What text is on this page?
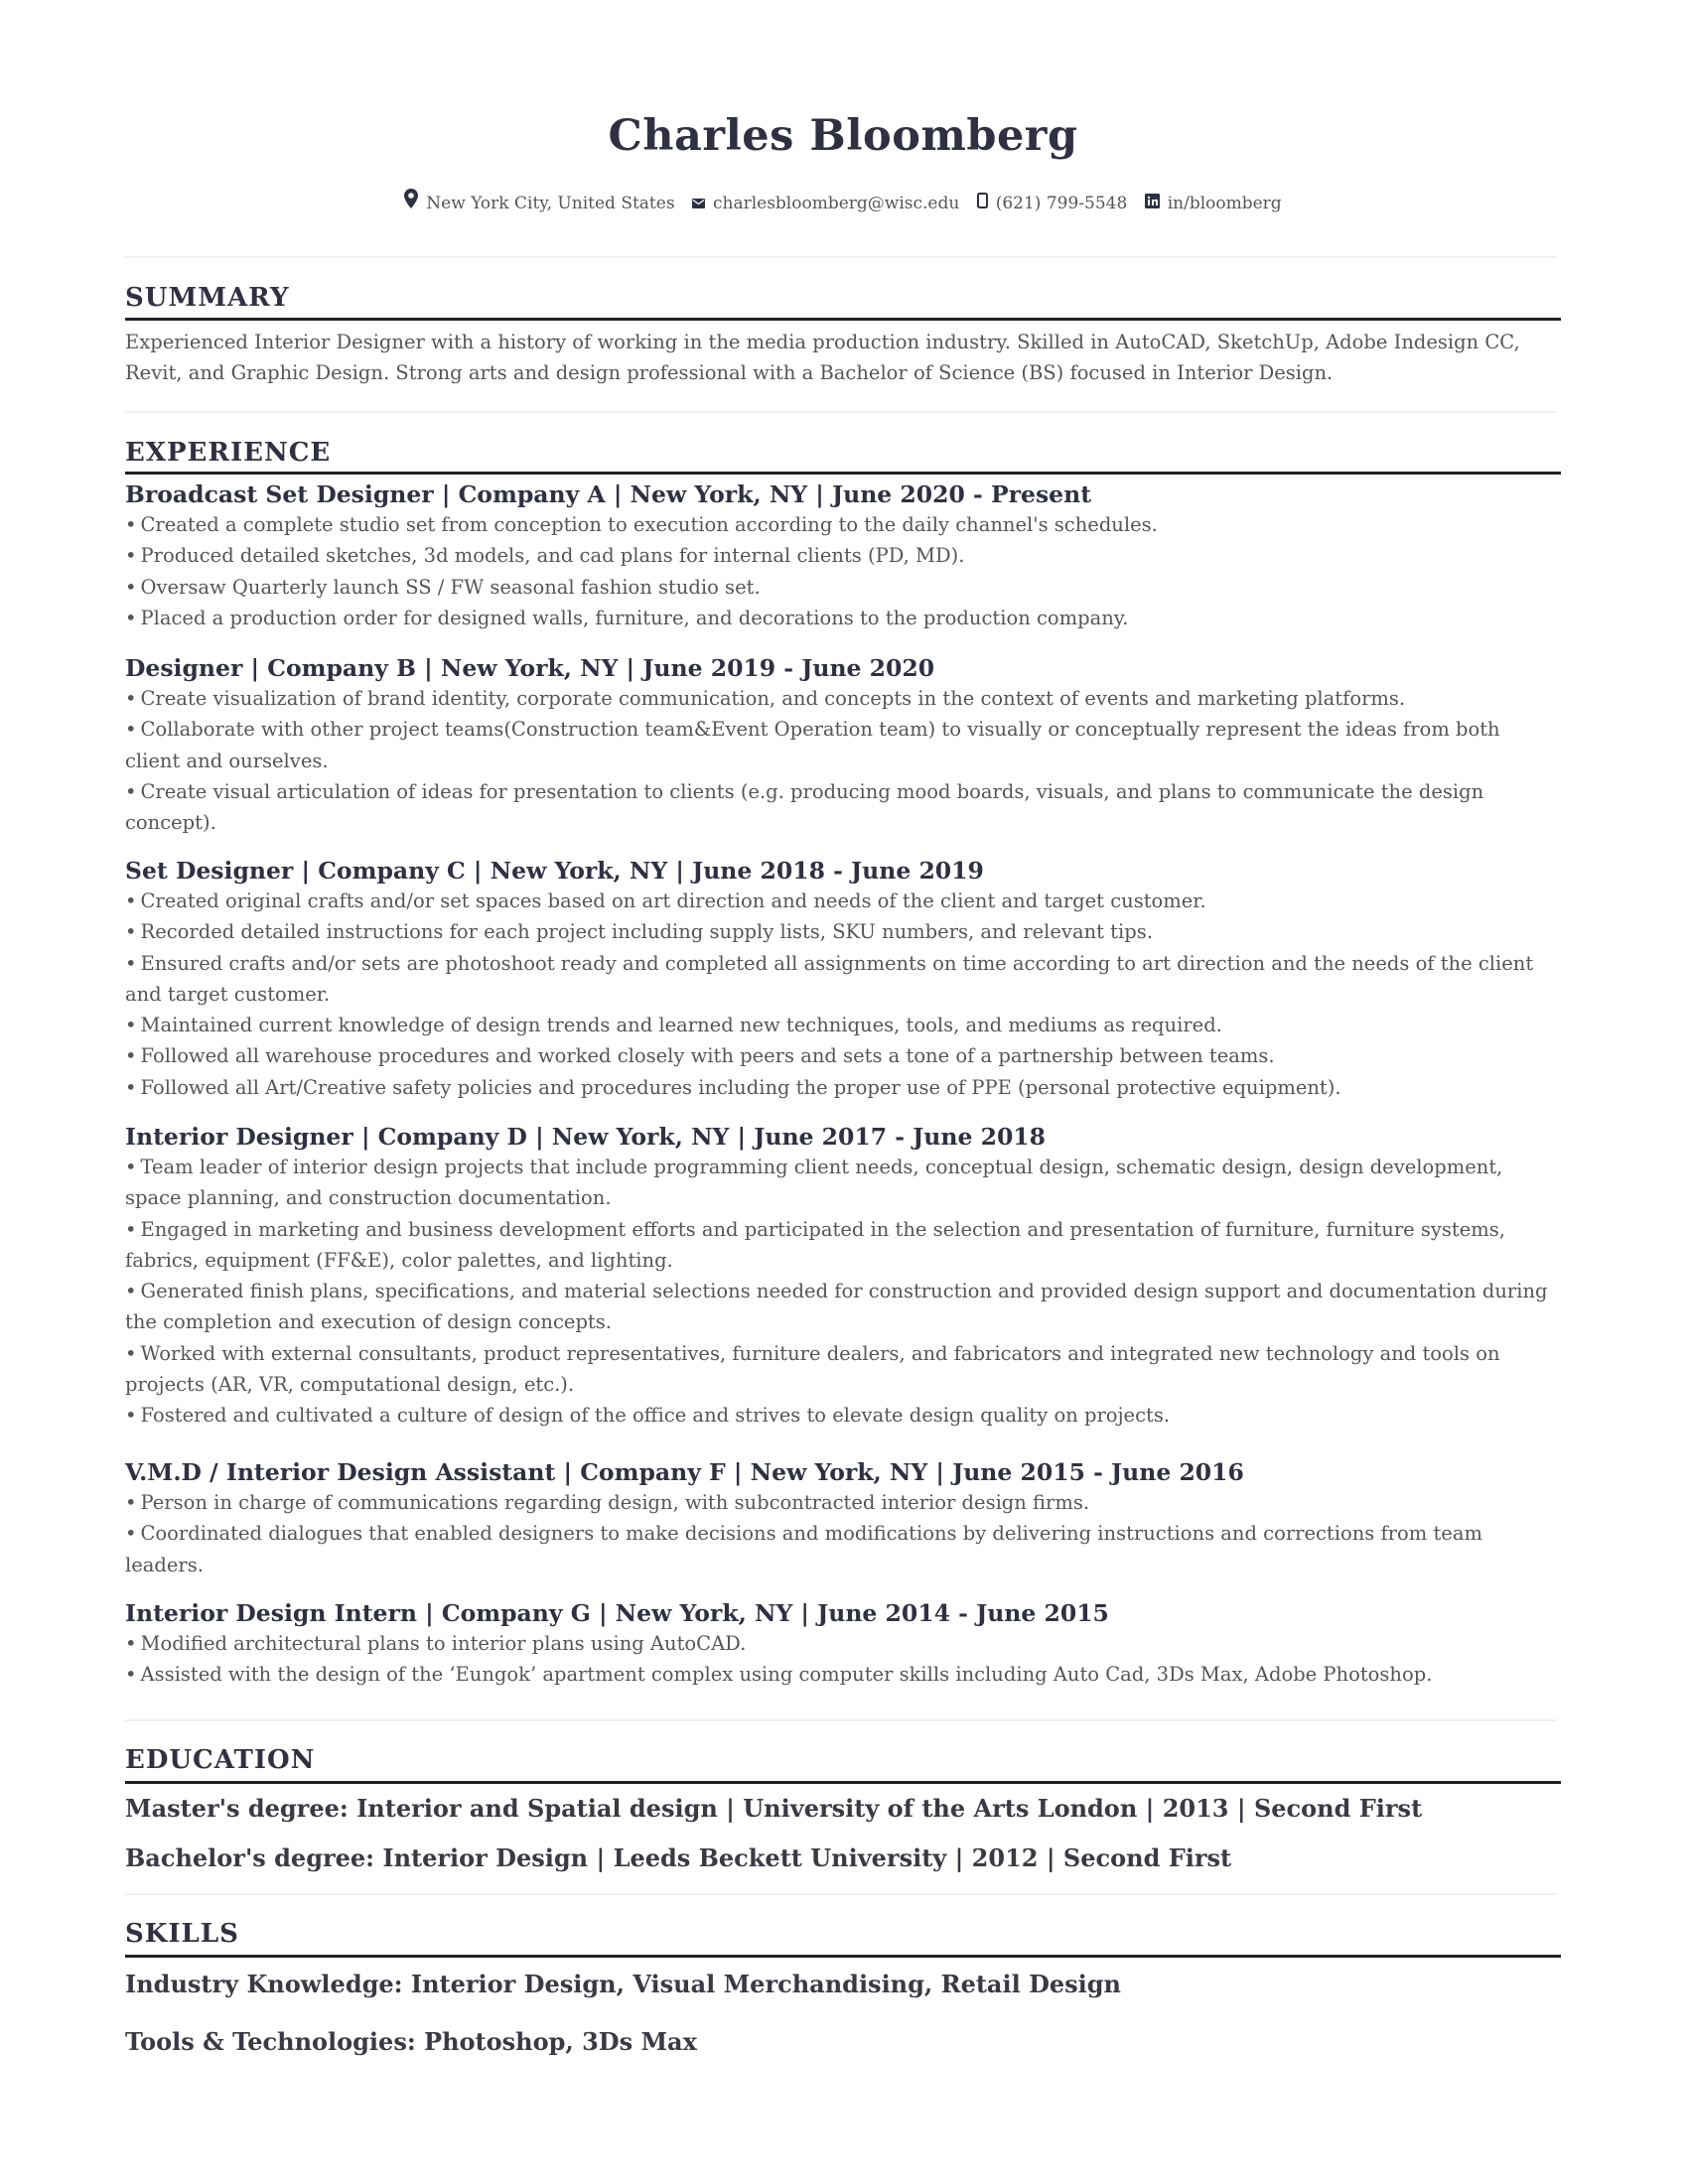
Charles Bloomberg
New York City, United States
charlesbloomberg@wisc.edu
(621) 799-5548
in/bloomberg
SUMMARY
Experienced Interior Designer with a history of working in the media production industry. Skilled in AutoCAD, SketchUp, Adobe Indesign CC, Revit, and Graphic Design. Strong arts and design professional with a Bachelor of Science (BS) focused in Interior Design.
EXPERIENCE
Broadcast Set Designer | Company A | New York, NY | June 2020 - Present
• Created a complete studio set from conception to execution according to the daily channel's schedules.
• Produced detailed sketches, 3d models, and cad plans for internal clients (PD, MD).
• Oversaw Quarterly launch SS / FW seasonal fashion studio set.
• Placed a production order for designed walls, furniture, and decorations to the production company.
Designer | Company B | New York, NY | June 2019 - June 2020
• Create visualization of brand identity, corporate communication, and concepts in the context of events and marketing platforms.
• Collaborate with other project teams(Construction team&Event Operation team) to visually or conceptually represent the ideas from both client and ourselves.
• Create visual articulation of ideas for presentation to clients (e.g. producing mood boards, visuals, and plans to communicate the design concept).
Set Designer | Company C | New York, NY | June 2018 - June 2019
• Created original crafts and/or set spaces based on art direction and needs of the client and target customer.
• Recorded detailed instructions for each project including supply lists, SKU numbers, and relevant tips.
• Ensured crafts and/or sets are photoshoot ready and completed all assignments on time according to art direction and the needs of the client and target customer.
• Maintained current knowledge of design trends and learned new techniques, tools, and mediums as required.
• Followed all warehouse procedures and worked closely with peers and sets a tone of a partnership between teams.
• Followed all Art/Creative safety policies and procedures including the proper use of PPE (personal protective equipment).
Interior Designer | Company D | New York, NY | June 2017 - June 2018
• Team leader of interior design projects that include programming client needs, conceptual design, schematic design, design development, space planning, and construction documentation.
• Engaged in marketing and business development efforts and participated in the selection and presentation of furniture, furniture systems, fabrics, equipment (FF&E), color palettes, and lighting.
• Generated finish plans, specifications, and material selections needed for construction and provided design support and documentation during the completion and execution of design concepts.
• Worked with external consultants, product representatives, furniture dealers, and fabricators and integrated new technology and tools on projects (AR, VR, computational design, etc.).
• Fostered and cultivated a culture of design of the office and strives to elevate design quality on projects.
V.M.D / Interior Design Assistant | Company F | New York, NY | June 2015 - June 2016
• Person in charge of communications regarding design, with subcontracted interior design firms.
• Coordinated dialogues that enabled designers to make decisions and modifications by delivering instructions and corrections from team leaders.
Interior Design Intern | Company G | New York, NY | June 2014 - June 2015
• Modified architectural plans to interior plans using AutoCAD.
• Assisted with the design of the ‘Eungok’ apartment complex using computer skills including Auto Cad, 3Ds Max, Adobe Photoshop.
EDUCATION
Master's degree: Interior and Spatial design | University of the Arts London | 2013 | Second First
Bachelor's degree: Interior Design | Leeds Beckett University | 2012 | Second First
SKILLS
Industry Knowledge: Interior Design, Visual Merchandising, Retail Design
Tools & Technologies: Photoshop, 3Ds Max
